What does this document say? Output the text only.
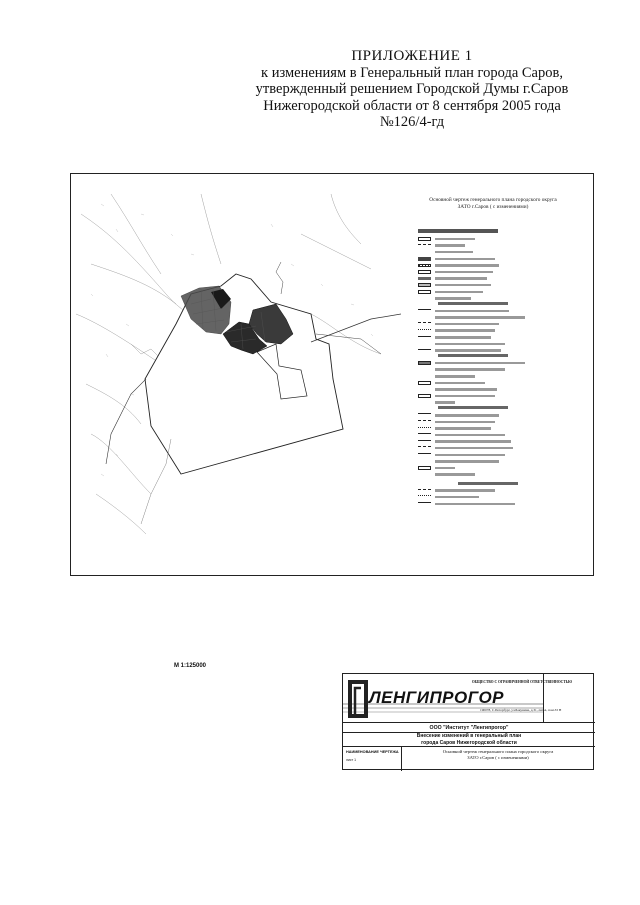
ПРИЛОЖЕНИЕ 1
к изменениям в Генеральный план города Саров,
утвержденный решением Городской Думы г.Саров
Нижегородской области от 8 сентября 2005 года
№126/4-гд
Основной чертеж генерального плана городского округа
ЗАТО г.Саров ( с изменениями)
М 1:125000
ЛЕНГИПРОГОР
ООО "Институт "Ленгипрогор"
Внесение изменений в генеральный план
города Саров Нижегородской области
НАИМЕНОВАНИЕ ЧЕРТЕЖА
лист 1
Основной чертеж генерального плана городского округа
ЗАТО г.Саров ( с изменениями)
ОБЩЕСТВО С ОГРАНИЧЕННОЙ ОТВЕТСТВЕННОСТЬЮ
190078, С.Петербург, ул.Бакунина, д.31, лит.А, пом.33 Н
